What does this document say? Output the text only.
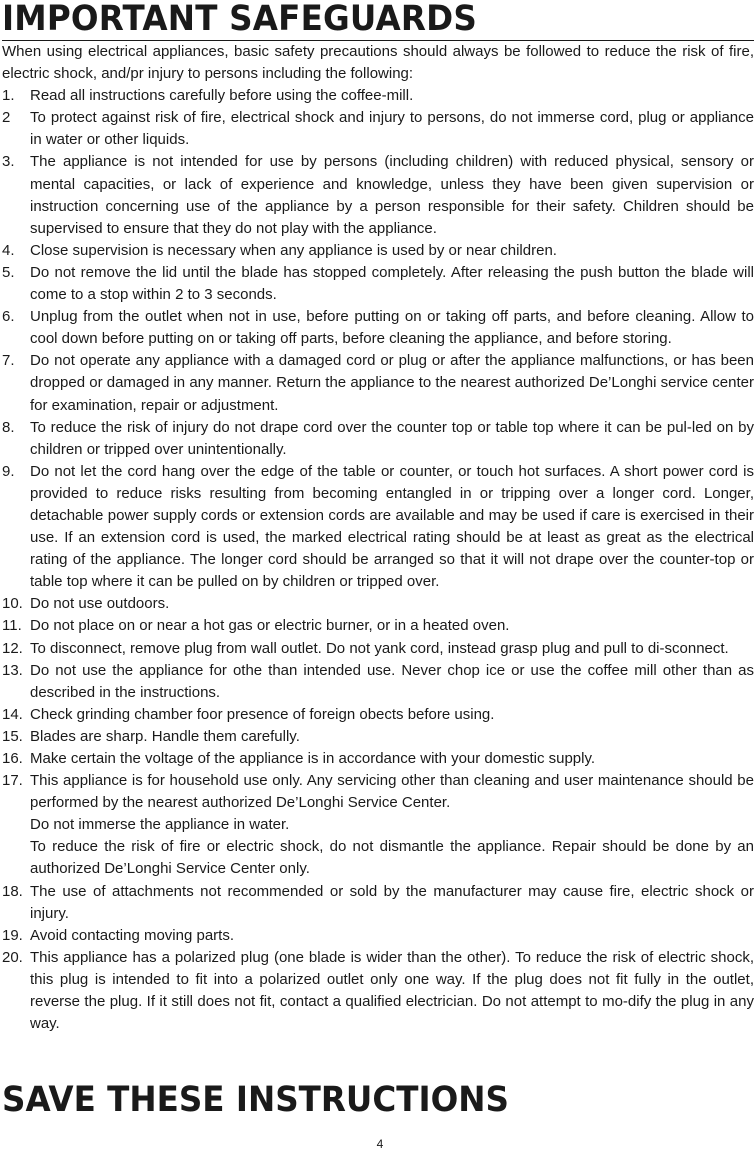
IMPORTANT SAFEGUARDS

When using electrical appliances, basic safety precautions should always be followed to reduce the risk of fire, electric shock, and/pr injury to persons including the following:

1.	Read all instructions carefully before using the coffee-mill.

2	To protect against risk of fire, electrical shock and injury to persons, do not immerse cord, plug or appliance in water or other liquids.

3.	The appliance is not intended for use by persons (including children) with reduced physical, sensory or mental capacities, or lack of experience and knowledge, unless they have been given supervision or instruction concerning use of the appliance by a person responsible for their safety. Children should be supervised to ensure that they do not play with the appliance.

4.	Close supervision is necessary when any appliance is used by or near children.

5.	Do not remove the lid until the blade has stopped completely. After releasing the push button the blade will come to a stop within 2 to 3 seconds.

6.	Unplug from the outlet when not in use, before putting on or taking off parts, and before cleaning. Allow to cool down before putting on or taking off parts, before cleaning the appliance, and before storing.

7.	Do not operate any appliance with a damaged cord or plug or after the appliance malfunctions, or has been dropped or damaged in any manner. Return the appliance to the nearest authorized De’Longhi service center for examination, repair or adjustment.

8.	To reduce the risk of injury do not drape cord over the counter top or table top where it can be pul-led on by children or tripped over unintentionally.

9.	Do not let the cord hang over the edge of the table or counter, or touch hot surfaces. A short power cord is provided to reduce risks resulting from becoming entangled in or tripping over a longer cord. Longer, detachable power supply cords or extension cords are available and may be used if care is exercised in their use. If an extension cord is used, the marked electrical rating should be at least as great as the electrical rating of the appliance. The longer cord should be arranged so that it will not drape over the counter-top or table top where it can be pulled on by children or tripped over.

10. Do not use outdoors.

11. Do not place on or near a hot gas or electric burner, or in a heated oven.

12. To disconnect, remove plug from wall outlet. Do not yank cord, instead grasp plug and pull to di-sconnect.

13. Do not use the appliance for othe than intended use. Never chop ice or use the coffee mill other than as described in the instructions.

14. Check grinding chamber foor presence of foreign obects before using.

15. Blades are sharp. Handle them carefully.

16. Make certain the voltage of the appliance is in accordance with your domestic supply.

17. This appliance is for household use only. Any servicing other than cleaning and user maintenance should be performed by the nearest authorized De’Longhi Service Center.

Do not immerse the appliance in water.

To reduce the risk of fire or electric shock, do not dismantle the appliance. Repair should be done by an authorized De’Longhi Service Center only.

18. The use of attachments not recommended or sold by the manufacturer may cause fire, electric shock or injury.

19. Avoid contacting moving parts.

20. This appliance has a polarized plug (one blade is wider than the other). To reduce the risk of electric shock, this plug is intended to fit into a polarized outlet only one way. If the plug does not fit fully in the outlet, reverse the plug. If it still does not fit, contact a qualified electrician. Do not attempt to mo-dify the plug in any way.

SAVE THESE INSTRUCTIONS
4
